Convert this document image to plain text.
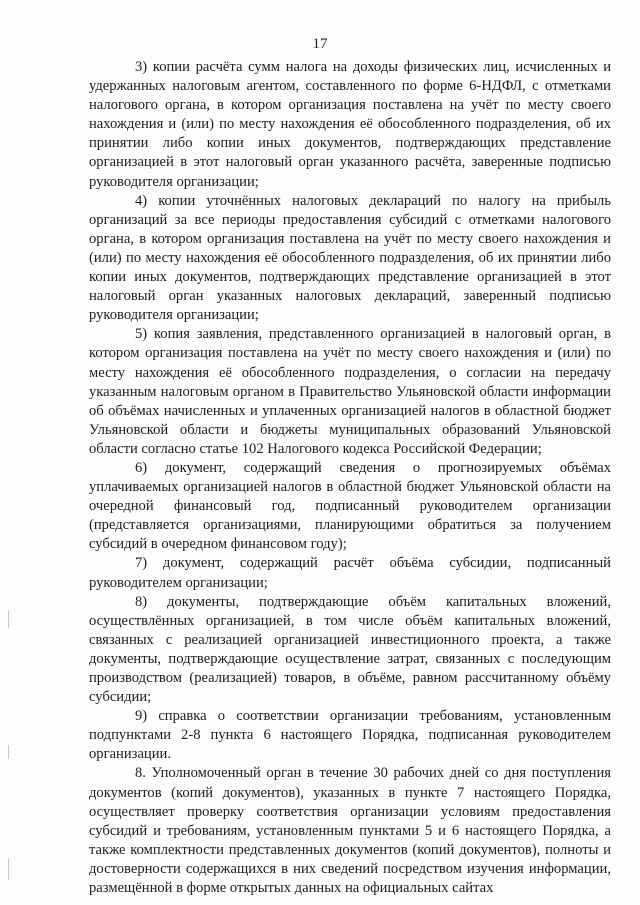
17

3) копии расчёта сумм налога на доходы физических лиц, исчисленных и удержанных налоговым агентом, составленного по форме 6-НДФЛ, с отметками налогового органа, в котором организация поставлена на учёт по месту своего нахождения и (или) по месту нахождения её обособленного подразделения, об их принятии либо копии иных документов, подтверждающих представление организацией в этот налоговый орган указанного расчёта, заверенные подписью руководителя организации;

4) копии уточнённых налоговых деклараций по налогу на прибыль организаций за все периоды предоставления субсидий с отметками налогового органа, в котором организация поставлена на учёт по месту своего нахождения и (или) по месту нахождения её обособленного подразделения, об их принятии либо копии иных документов, подтверждающих представление организацией в этот налоговый орган указанных налоговых деклараций, заверенный подписью руководителя организации;

5) копия заявления, представленного организацией в налоговый орган, в котором организация поставлена на учёт по месту своего нахождения и (или) по месту нахождения её обособленного подразделения, о согласии на передачу указанным налоговым органом в Правительство Ульяновской области информации об объёмах начисленных и уплаченных организацией налогов в областной бюджет Ульяновской области и бюджеты муниципальных образований Ульяновской области согласно статье 102 Налогового кодекса Российской Федерации;

6) документ, содержащий сведения о прогнозируемых объёмах уплачиваемых организацией налогов в областной бюджет Ульяновской области на очередной финансовый год, подписанный руководителем организации (представляется организациями, планирующими обратиться за получением субсидий в очередном финансовом году);

7) документ, содержащий расчёт объёма субсидии, подписанный руководителем организации;

8) документы, подтверждающие объём капитальных вложений, осуществлённых организацией, в том числе объём капитальных вложений, связанных с реализацией организацией инвестиционного проекта, а также документы, подтверждающие осуществление затрат, связанных с последующим производством (реализацией) товаров, в объёме, равном рассчитанному объёму субсидии;

9) справка о соответствии организации требованиям, установленным подпунктами 2-8 пункта 6 настоящего Порядка, подписанная руководителем организации.

8. Уполномоченный орган в течение 30 рабочих дней со дня поступления документов (копий документов), указанных в пункте 7 настоящего Порядка, осуществляет проверку соответствия организации условиям предоставления субсидий и требованиям, установленным пунктами 5 и 6 настоящего Порядка, а также комплектности представленных документов (копий документов), полноты и достоверности содержащихся в них сведений посредством изучения информации, размещённой в форме открытых данных на официальных сайтах
